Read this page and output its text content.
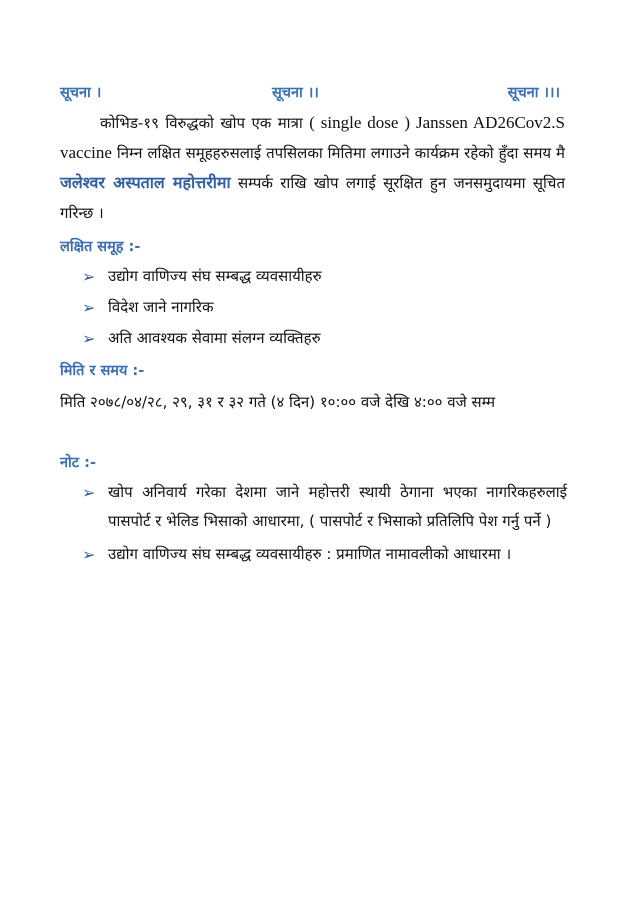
सूचना ।	सूचना ।।	सूचना ।।।
कोभिड-१९ विरुद्धको खोप एक मात्रा ( single dose ) Janssen AD26Cov2.S vaccine निम्न लक्षित समूहहरुसलाई तपसिलका मितिमा लगाउने कार्यक्रम रहेको हुँदा समय मै जलेश्वर अस्पताल महोत्तरीमा सम्पर्क राखि खोप लगाई सूरक्षित हुन जनसमुदायमा सूचित गरिन्छ ।
लक्षित समूह :-
➢ उद्योग वाणिज्य संघ सम्बद्ध व्यवसायीहरु
➢ विदेश जाने नागरिक
➢ अति आवश्यक सेवामा संलग्न व्यक्तिहरु
मिति र समय :-
मिति २०७८/०४/२८, २९, ३१ र ३२ गते (४ दिन) १०:०० वजे देखि ४:०० वजे सम्म
नोट :-
➢ खोप अनिवार्य गरेका देशमा जाने महोत्तरी स्थायी ठेगाना भएका नागरिकहरुलाई पासपोर्ट र भेलिड भिसाको आधारमा, ( पासपोर्ट र भिसाको प्रतिलिपि पेश गर्नु पर्ने )
➢ उद्योग वाणिज्य संघ सम्बद्ध व्यवसायीहरु : प्रमाणित नामावलीको आधारमा ।
